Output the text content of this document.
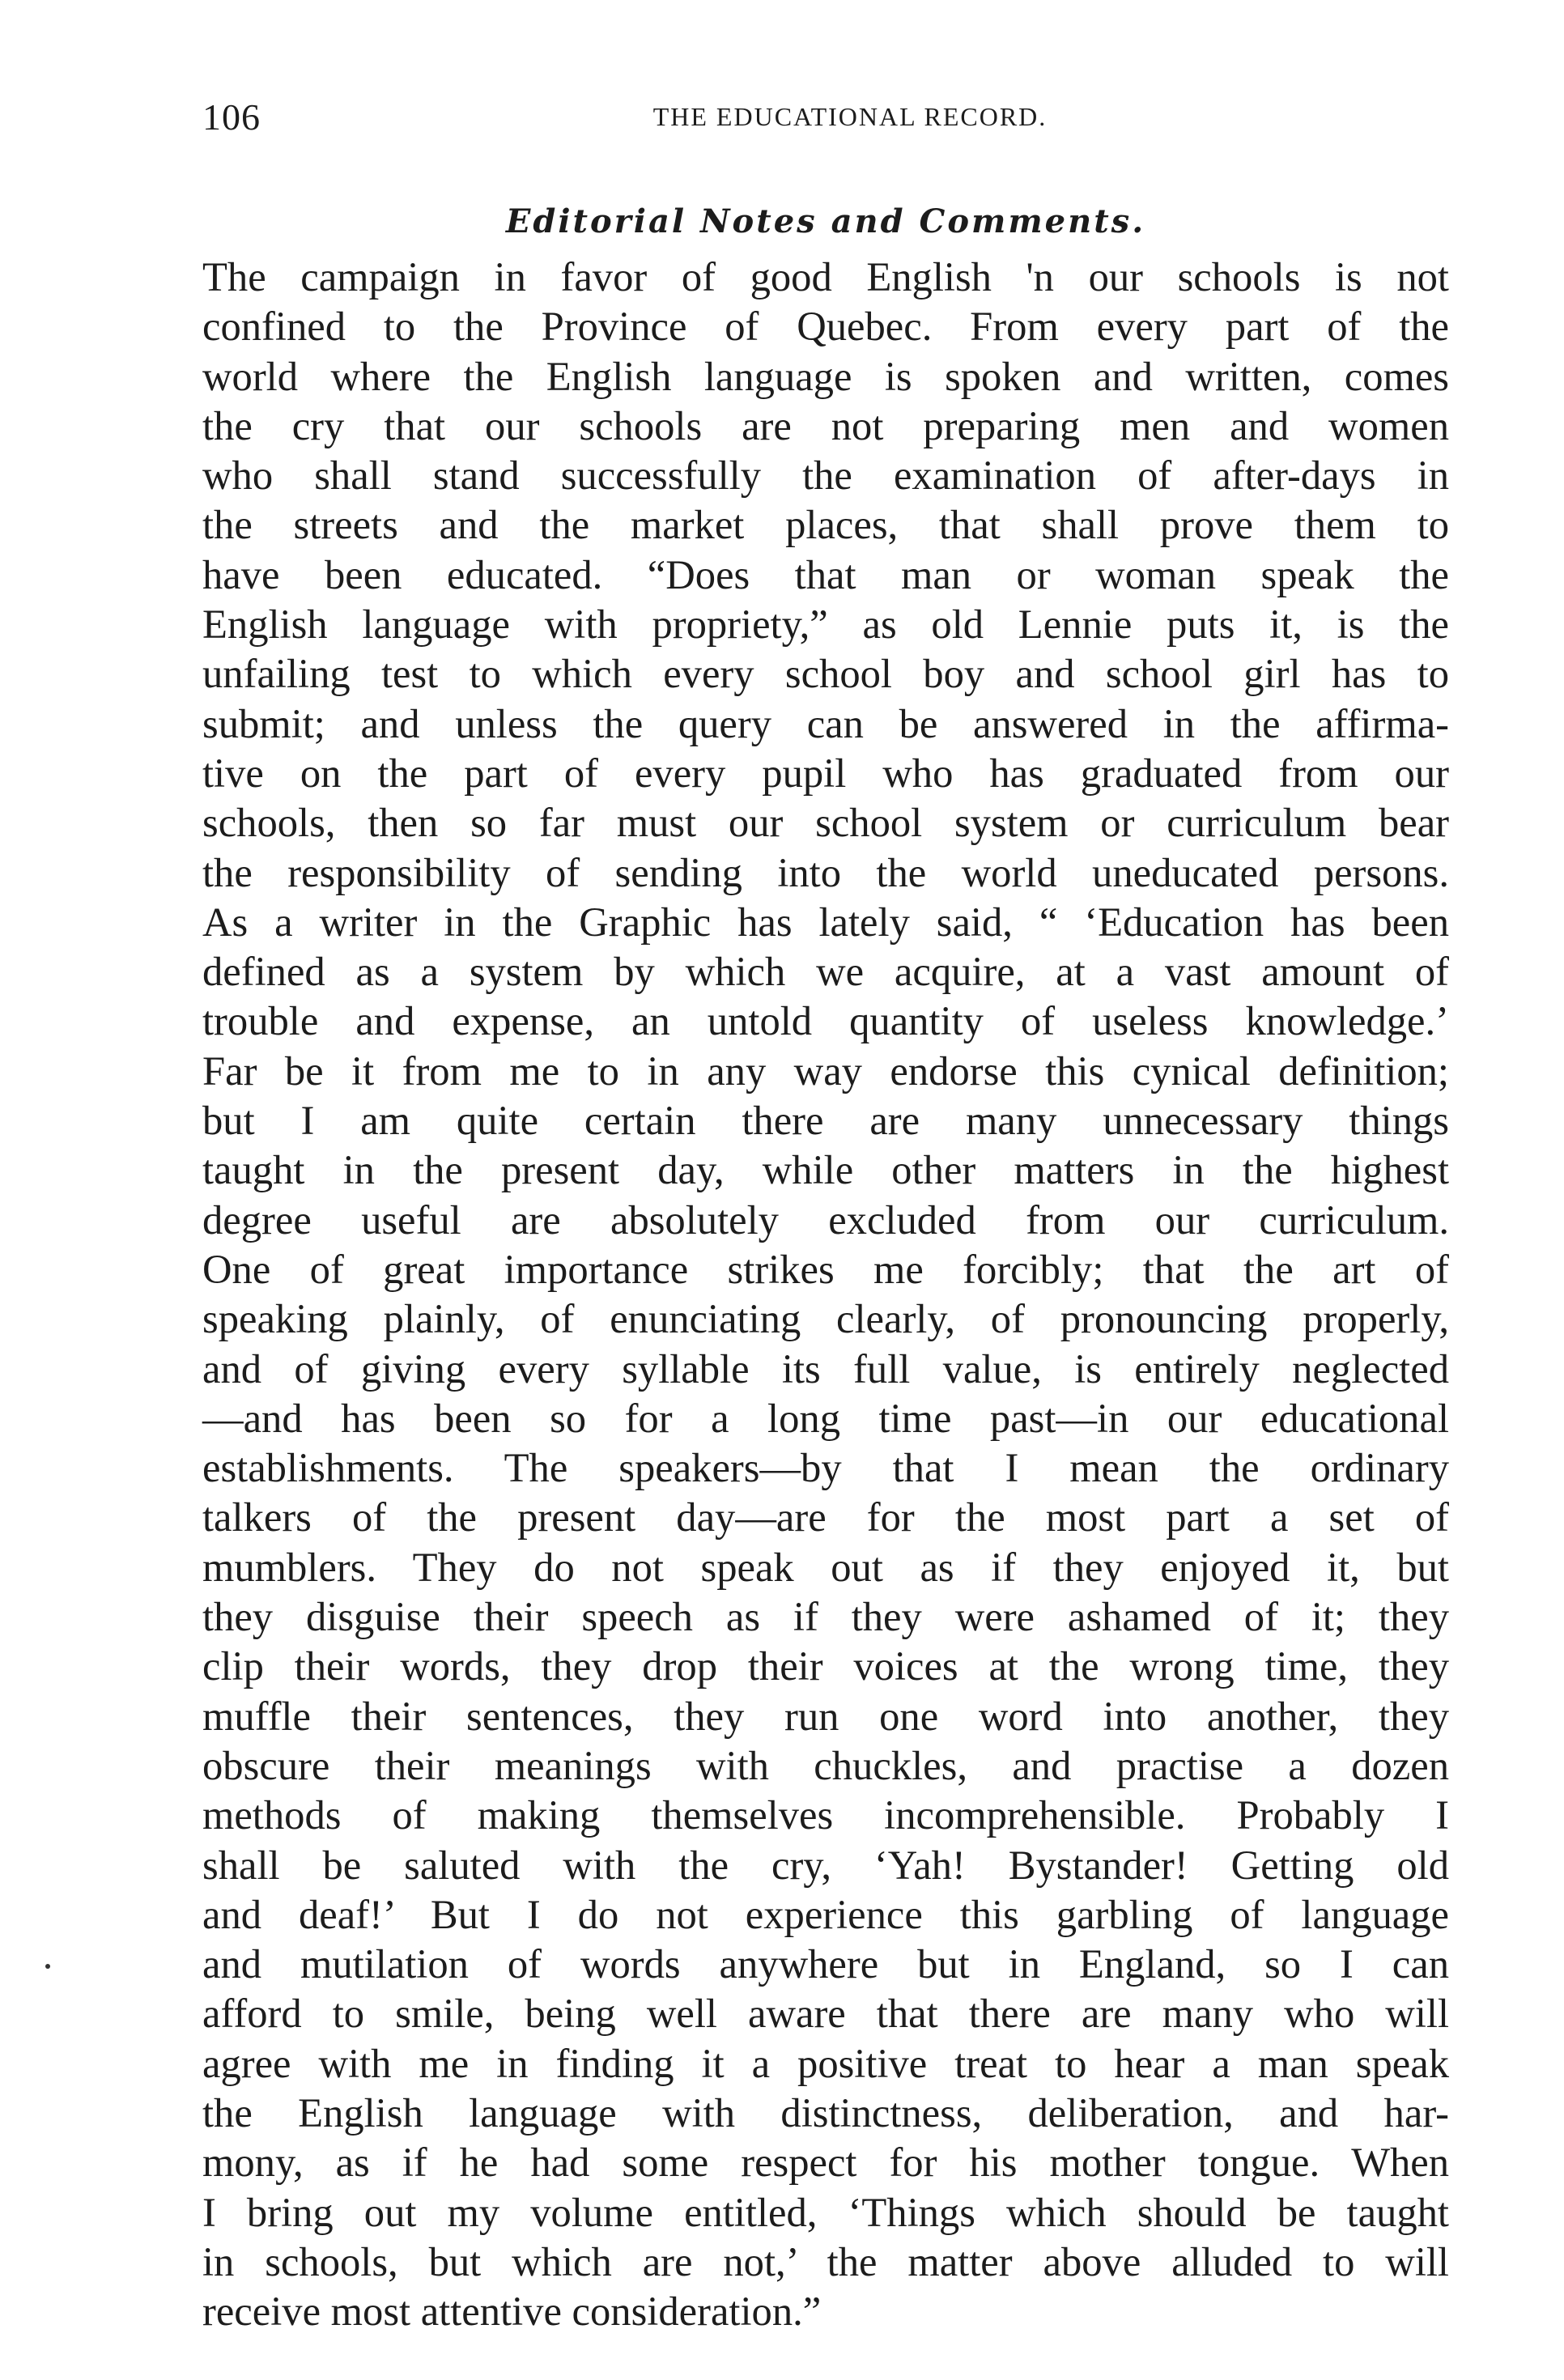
106	THE EDUCATIONAL RECORD.
Editorial Notes and Comments.
The campaign in favor of good English 'n our schools is not
confined to the Province of Quebec. From every part of the
world where the English language is spoken and written, comes
the cry that our schools are not preparing men and women
who shall stand successfully the examination of after-days in
the streets and the market places, that shall prove them to
have been educated. “Does that man or woman speak the
English language with propriety,” as old Lennie puts it, is the
unfailing test to which every school boy and school girl has to
submit; and unless the query can be answered in the affirma-
tive on the part of every pupil who has graduated from our
schools, then so far must our school system or curriculum bear
the responsibility of sending into the world uneducated persons.
As a writer in the Graphic has lately said, “ ‘Education has been
defined as a system by which we acquire, at a vast amount of
trouble and expense, an untold quantity of useless knowledge.’
Far be it from me to in any way endorse this cynical definition;
but I am quite certain there are many unnecessary things
taught in the present day, while other matters in the highest
degree useful are absolutely excluded from our curriculum.
One of great importance strikes me forcibly; that the art of
speaking plainly, of enunciating clearly, of pronouncing properly,
and of giving every syllable its full value, is entirely neglected
—and has been so for a long time past—in our educational
establishments. The speakers—by that I mean the ordinary
talkers of the present day—are for the most part a set of
mumblers. They do not speak out as if they enjoyed it, but
they disguise their speech as if they were ashamed of it; they
clip their words, they drop their voices at the wrong time, they
muffle their sentences, they run one word into another, they
obscure their meanings with chuckles, and practise a dozen
methods of making themselves incomprehensible. Probably I
shall be saluted with the cry, ‘Yah! Bystander! Getting old
and deaf!’ But I do not experience this garbling of language
and mutilation of words anywhere but in England, so I can
afford to smile, being well aware that there are many who will
agree with me in finding it a positive treat to hear a man speak
the English language with distinctness, deliberation, and har-
mony, as if he had some respect for his mother tongue. When
I bring out my volume entitled, ‘Things which should be taught
in schools, but which are not,’ the matter above alluded to will
receive most attentive consideration.”
